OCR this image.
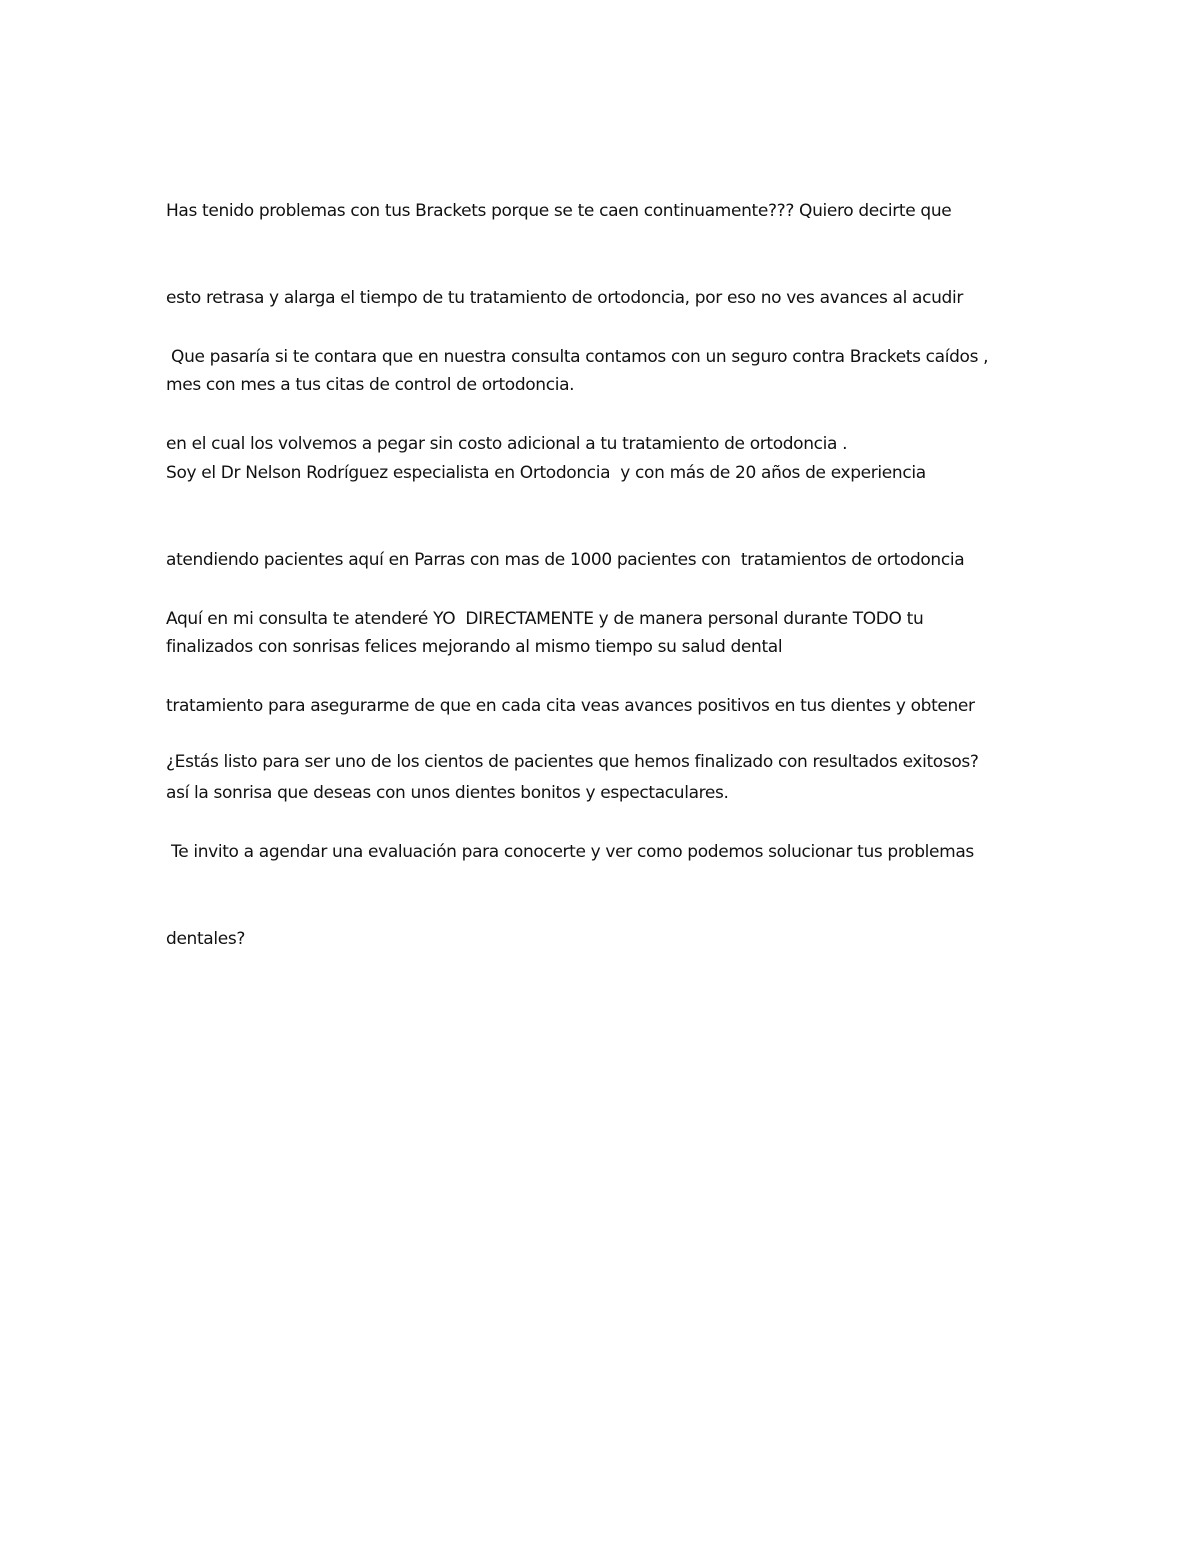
Has tenido problemas con tus Brackets porque se te caen continuamente??? Quiero decirte que

esto retrasa y alarga el tiempo de tu tratamiento de ortodoncia, por eso no ves avances al acudir

mes con mes a tus citas de control de ortodoncia.

Que pasaría si te contara que en nuestra consulta contamos con un seguro contra Brackets caídos ,

en el cual los volvemos a pegar sin costo adicional a tu tratamiento de ortodoncia .

Soy el Dr Nelson Rodríguez especialista en Ortodoncia  y con más de 20 años de experiencia

atendiendo pacientes aquí en Parras con mas de 1000 pacientes con  tratamientos de ortodoncia

finalizados con sonrisas felices mejorando al mismo tiempo su salud dental

Aquí en mi consulta te atenderé YO  DIRECTAMENTE y de manera personal durante TODO tu

tratamiento para asegurarme de que en cada cita veas avances positivos en tus dientes y obtener

así la sonrisa que deseas con unos dientes bonitos y espectaculares.

¿Estás listo para ser uno de los cientos de pacientes que hemos finalizado con resultados exitosos?

Te invito a agendar una evaluación para conocerte y ver como podemos solucionar tus problemas

dentales?
